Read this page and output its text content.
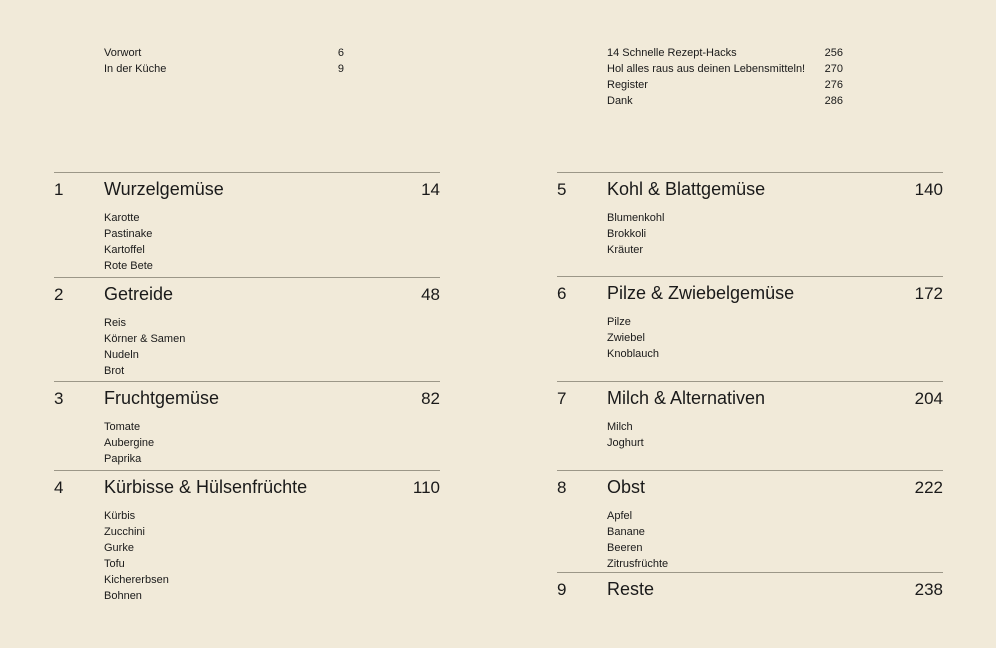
Vorwort	6
In der Küche	9
1	Wurzelgemüse	14
Karotte
Pastinake
Kartoffel
Rote Bete
2	Getreide	48
Reis
Körner & Samen
Nudeln
Brot
3	Fruchtgemüse	82
Tomate
Aubergine
Paprika
4	Kürbisse & Hülsenfrüchte	110
Kürbis
Zucchini
Gurke
Tofu
Kichererbsen
Bohnen
14 Schnelle Rezept-Hacks	256
Hol alles raus aus deinen Lebensmitteln! 270
Register	276
Dank	286
5	Kohl & Blattgemüse	140
Blumenkohl
Brokkoli
Kräuter
6	Pilze & Zwiebelgemüse	172
Pilze
Zwiebel
Knoblauch
7	Milch & Alternativen	204
Milch
Joghurt
8	Obst	222
Apfel
Banane
Beeren
Zitrusfrüchte
9	Reste	238
